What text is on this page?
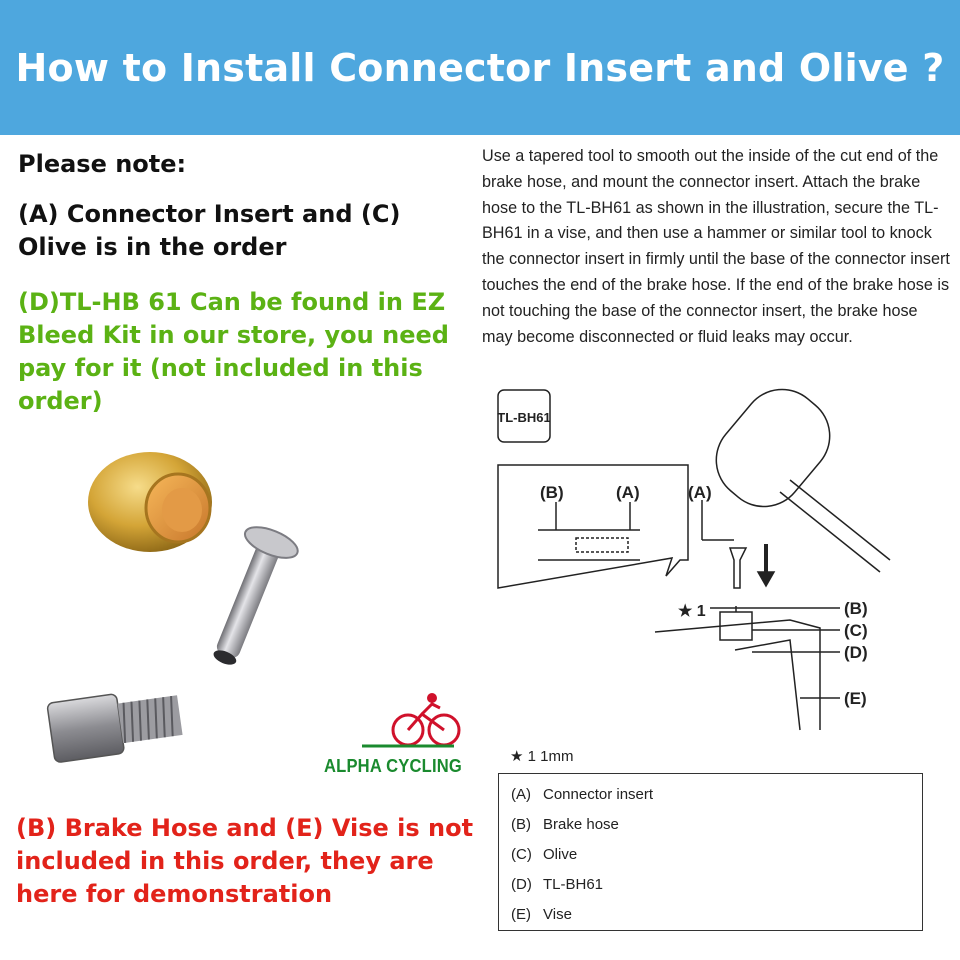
How to Install Connector Insert and Olive ?
Please note:
(A) Connector Insert and (C) Olive is in the order
(D)TL-HB 61 Can be found in EZ Bleed Kit in our store, you need pay for it (not included in this order)
Use a tapered tool to smooth out the inside of the cut end of the brake hose, and mount the connector insert. Attach the brake hose to the TL-BH61 as shown in the illustration, secure the TL-BH61 in a vise, and then use a hammer or similar tool to knock the connector insert in firmly until the base of the connector insert touches the end of the brake hose. If the end of the brake hose is not touching the base of the connector insert, the brake hose may become disconnected or fluid leaks may occur.
ALPHA CYCLING
(B) Brake Hose and (E) Vise is not included in this order, they are here for demonstration
TL-BH61
(B)	(A)	(A)
★ 1	(B)
(C)
(D)
(E)
★ 1 1mm
(A) Connector insert
(B) Brake hose
(C) Olive
(D) TL-BH61
(E) Vise
